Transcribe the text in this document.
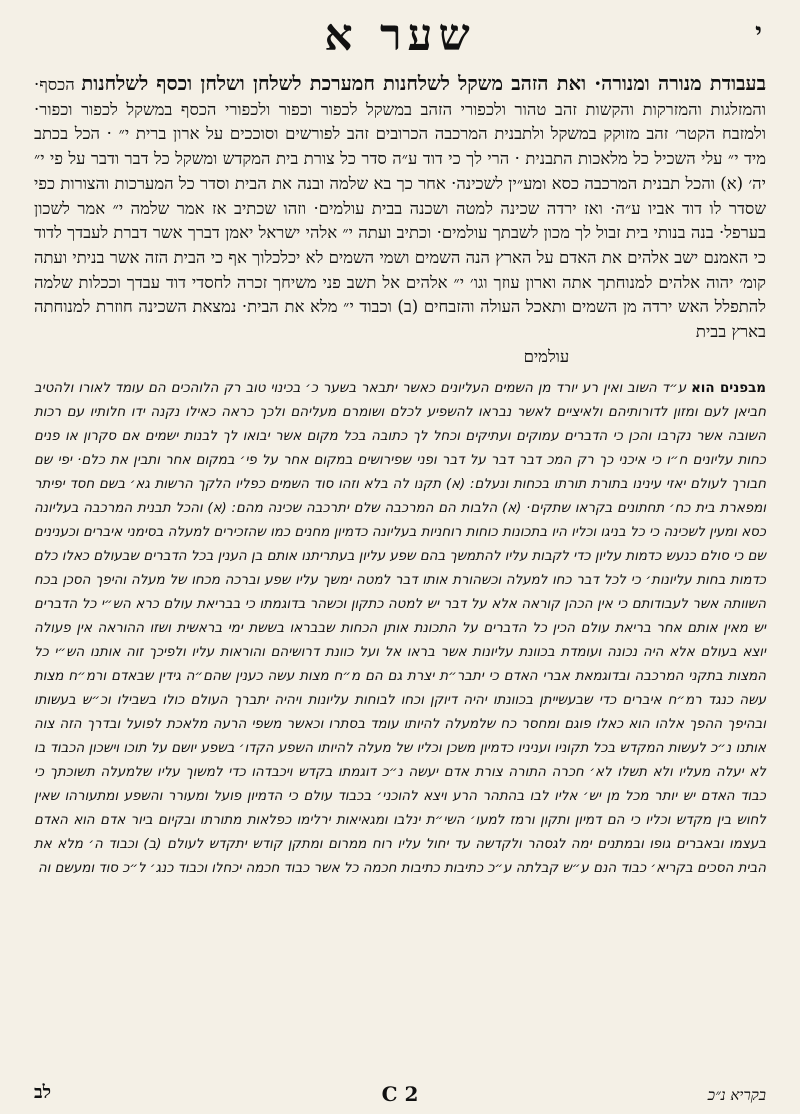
שער א	י
בעבודת מנורה ומנורה· ואת הזהב משקל לשלחנות חמערכת לשלחן ושלחן וכסף לשלחנות הכסף· והמזלגות והמזרקות והקשות זהב טהור ולכפורי הזהב במשקל לכפור וכפור ולכפורי הכסף במשקל לכפור וכפור· ולמזבח הקטר׳ זהב מזוקק במשקל ולתבנית המרכבה הכרובים זהב לפורשים וסוככים על ארון ברית י״ · הכל בכתב מיד י״ עלי השכיל כל מלאכות התבנית · הרי לך כי דוד ע״ה סדר כל צורת בית המקדש ומשקל כל דבר ודבר על פי י״ יה׳ (א) והכל תבנית המרכבה כסא ומע״ין לשכינה· אחר כך בא שלמה ובנה את הבית וסדר כל המערכות והצורות כפי שסדר לו דוד אביו ע״ה· ואז ירדה שכינה למטה ושכנה בבית עולמים· וזהו שכתיב אז אמר שלמה י״ אמר לשכון בערפל· בנה בנותי בית זבול לך מכון לשבתך עולמים· וכתיב ועתה י״ אלהי ישראל יאמן דברך אשר דברת לעבדך לדוד כי האמנם ישב אלהים את האדם על הארץ הנה השמים ושמי השמים לא יכלכלוך אף כי הבית הזה אשר בניתי ועתה קומ׳ יהוה אלהים למנוחתך אתה וארון עוזך וגו׳ י״ אלהים אל תשב פני משיחך זכרה לחסדי דוד עבדך וככלות שלמה להתפלל האש ירדה מן השמים ותאכל העולה והזבחים (ב) וכבוד י״ מלא את הבית· נמצאת השכינה חוזרת למנוחתה בארץ בבית
עולמים
מבפנים הוא ע״ד השוב ואין רע יורד מן השמים העליונים כאשר יתבאר בשער כ׳ בכינוי טוב רק הלוהכים הם עומד לאורו ולהטיב חביאן לעם ומזון לדורותיהם ולאיציים לאשר נבראו להשפיע לכלם ושומרם מעליהם ולכך כראה כאילו נקנה ידו חלותיו עם רכות השובה אשר נקרבו והכן כי הדברים עמוקים ועתיקים וכחל לך כתובה בכל מקום אשר יבואו לך לבנות ישמים אם סקרון או פנים כחות עליונים ח״ו כי איכני כך רק המכ דבר דבר על דבר ופני שפירושים במקום אחר על פי׳ במקום אחר ותבין את כלם· יפי שם חבורך לעולם יאזי עינינו בתורת תורתו בכחות ונעלם: (א) תקנו לה בלא וזהו סוד השמים כפליו הלקך הרשות גא׳ בשם חסד יפיתר ומפארת בית כח׳ תחתונים בקראו שתקים· (א) הלבות הם המרכבה שלם יתרכבה שכינה מהם: (א) והכל תבנית המרכבה בעליונה כסא ומעין לשכינה כי כל בניגו וכליו היו בתכונות כוחות רוחניות בעליונה כדמיון מחנים כמו שהזכירים למעלה בסימני איברים וכענינים שם כי סולם כנעש כדמות עליון כדי לקבות עליו להתמשך בהם שפע עליון בעתריתנו אותם בן הענין בכל הדברים שבעולם כאלו כלם כדמות בחות עליונות׳ כי לכל דבר כחו למעלה וכשהורת אותו דבר למטה ימשך עליו שפע וברכה מכחו של מעלה והיפך הסכן בכח השוותה אשר לעבודותם כי אין הכהן קוראה אלא על דבר יש למטה כתקון וכשהר בדוגמתו כי בבריאת עולם כרא הש״י כל הדברים יש מאין אותם אחר בריאת עולם הכין כל הדברים על התכונת אותן הכחות שבבראו בששת ימי בראשית ושזו ההוראה אין פעולה יוצא בעולם אלא היה נכונה ועומדת בכוונת עליונות אשר בראו אל ועל כוונת דרושיהם והוראות עליו ולפיכך זוה אותנו הש״י כל המצות בתקני המרכבה ובדוגמאת אברי האדם כי יתבר״ת יצרת גם הם מ״ח מצות עשה כענין שהם״ה גידין שבאדם ורמ״ח מצות עשה כנגד רמ״ח איברים כדי שבעשייתן בכוונתו יהיה דיוקן וכחו לבוחות עליונות ויהיה יתברך העולם כולו בשבילו וכ״ש בעשותו ובהיפך ההפך אלהו הוא כאלו פוגם ומחסר כח שלמעלה להיותו עומד בסתרו וכאשר משפי הרעה מלאכת לפועל ובדרך הזה צוה אותנו נ״כ לעשות המקדש בכל תקוניו ועניניו כדמיון משכן וכליו של מעלה להיותו השפע הקדו׳ בשפע יושם על תוכו וישכון הכבוד בו לא יעלה מעליו ולא תשלו לא׳ חכרה התורה צורת אדם יעשה נ״כ דוגמתו בקדש ויכבדהו כדי למשוך עליו שלמעלה תשוכתך כי כבוד האדם יש יותר מכל מן יש׳ אליו לבו בהתהר הרע ויצא להוכני׳ בכבוד עולם כי הדמיון פועל ומעורר והשפע ומתעורהו שאין לחוש בין מקדש וכליו כי הם דמיון ותקון ורמז למעו׳ השי״ת ינלבו ומגאיאות ירלימו כפלאות מתורתו ובקיום ביור אדם הוא האדם בעצמו ובאברים גופו ובמתנים ימה לגסהר ולקדשה עד יחול עליו רוח ממרום ומתקן קודש יתקדש לעולם (ב) וכבוד ה׳ מלא את הבית הסכים בקריא׳ כבוד הנם ע״ש קבלתה ע״כ כתיבות כתיבות חכמה כל אשר כבוד חכמה יכחלו וכבוד כנג׳ ל״כ סוד ומעשם וה
בקריא נ״כ
C 2
לב
